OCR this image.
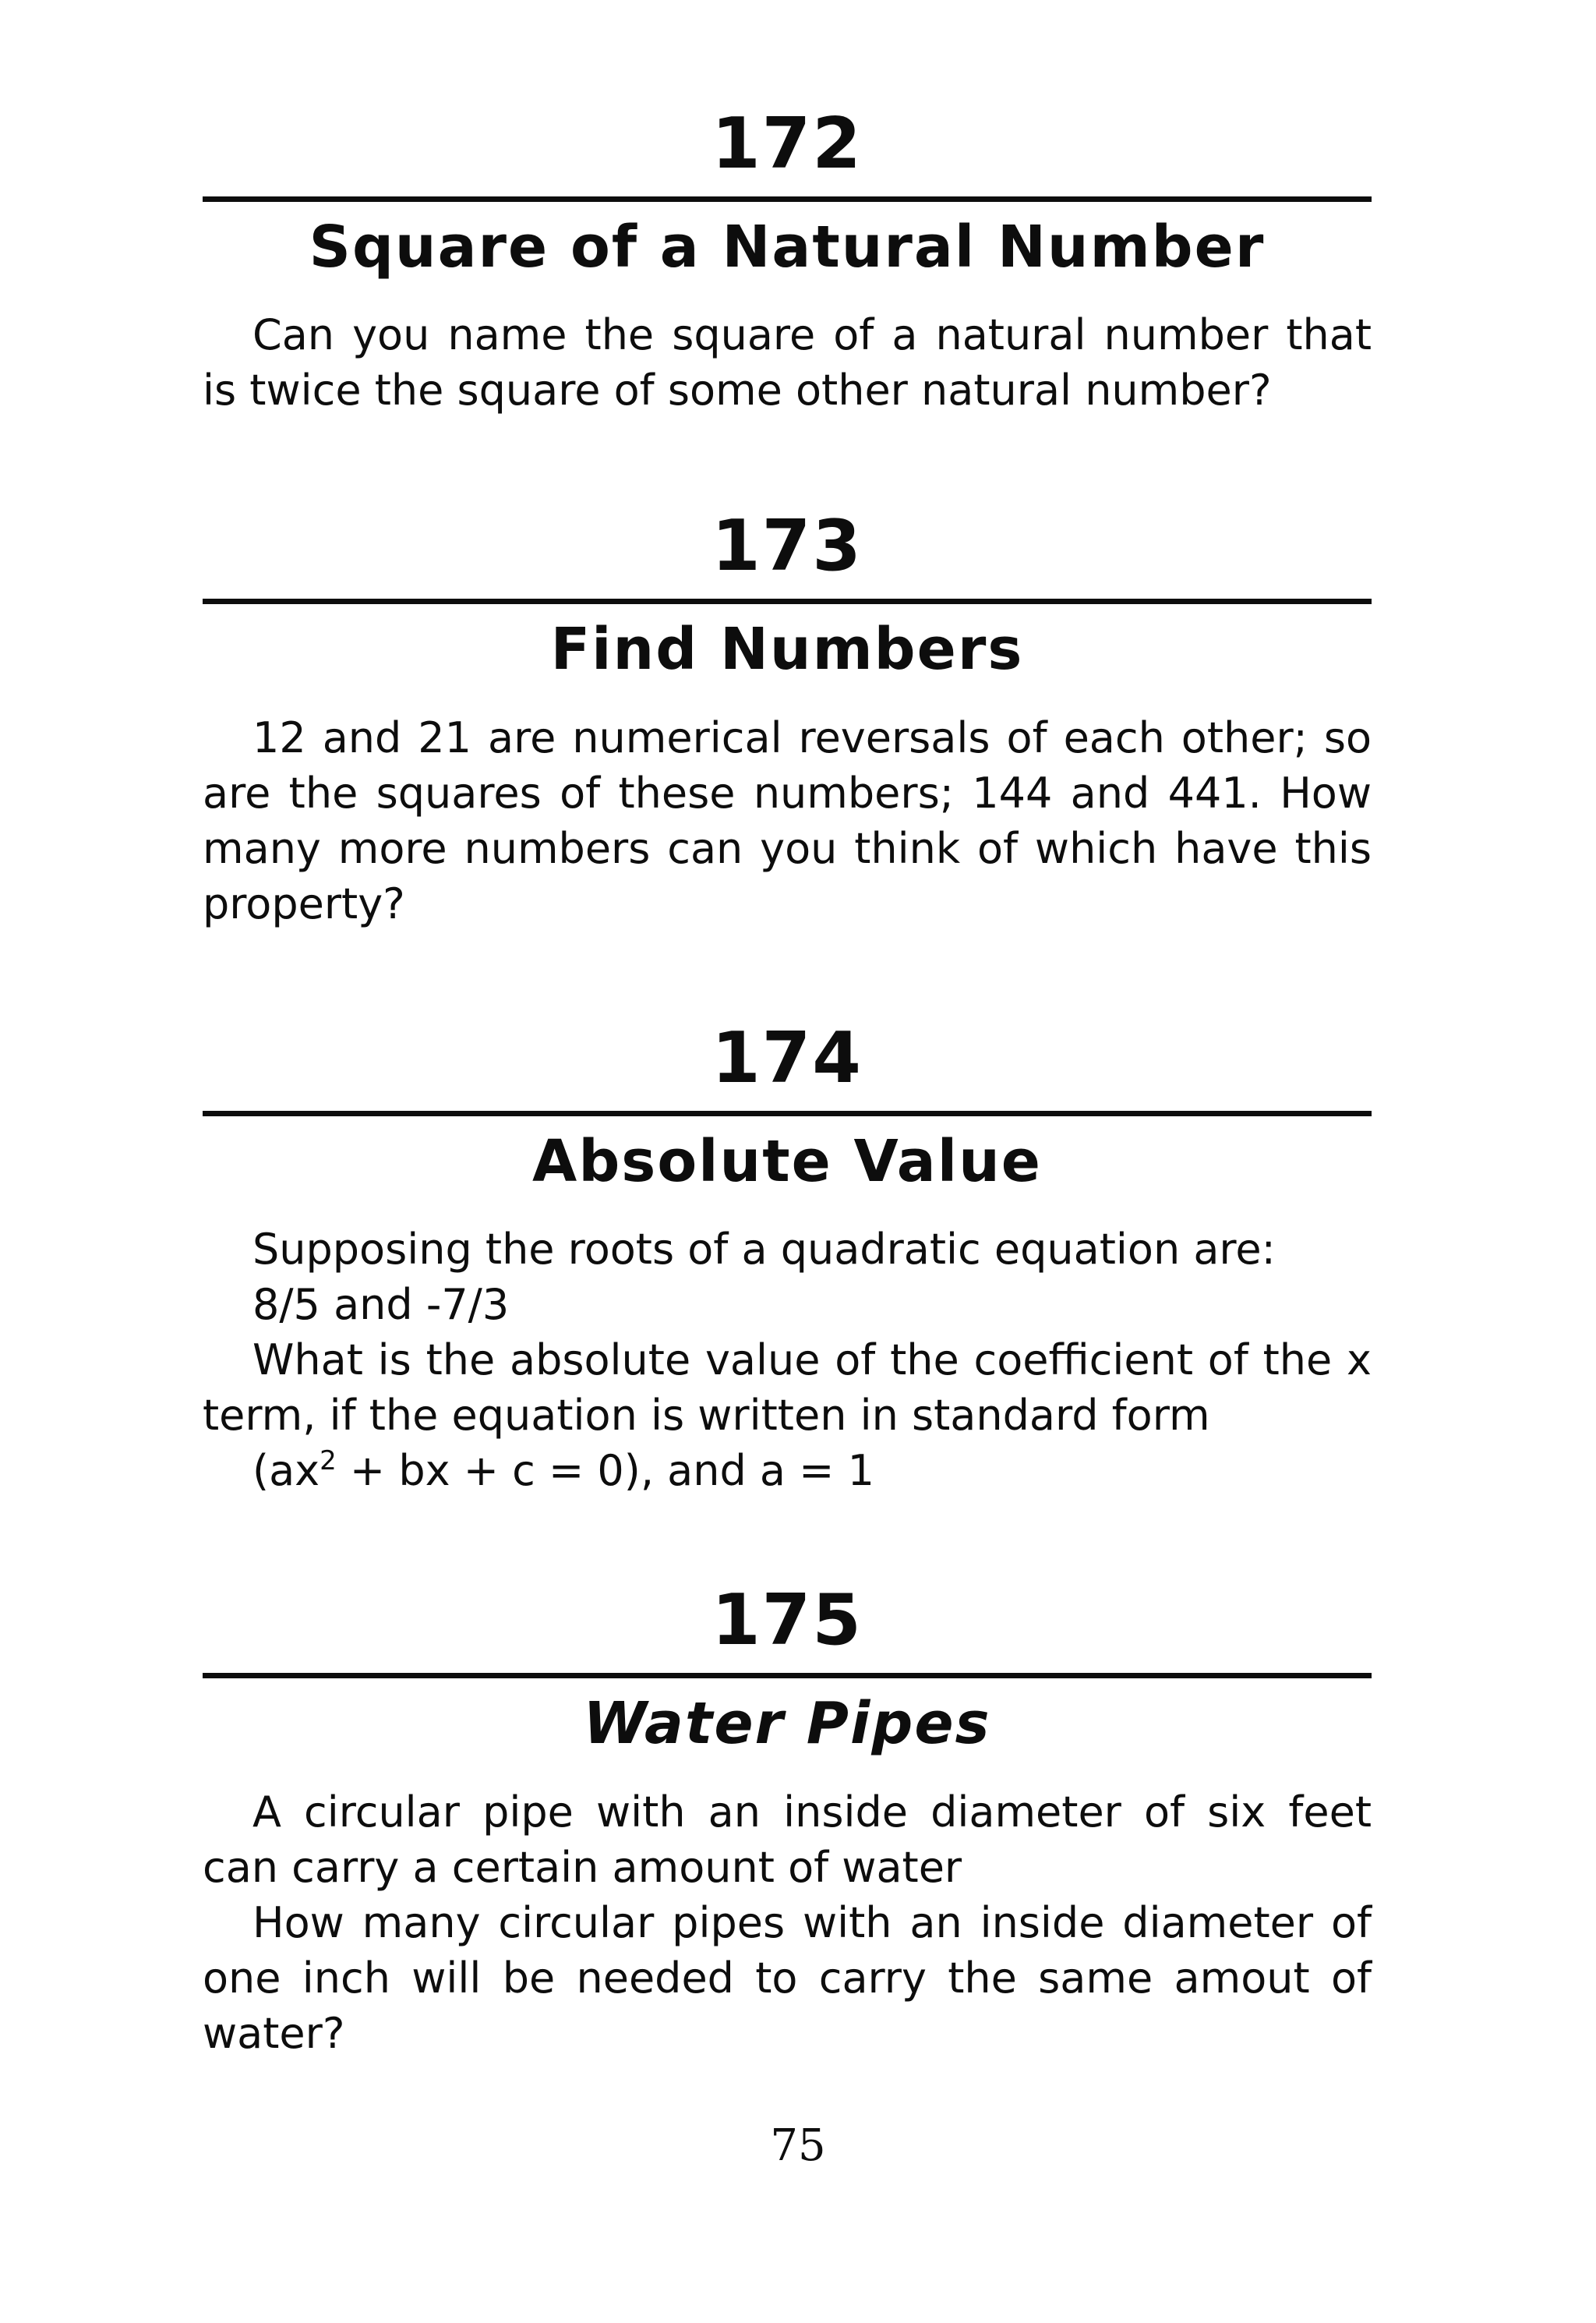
172
Square of a Natural Number

Can you name the square of a natural number that is twice the square of some other natural number?

173
Find Numbers

12 and 21 are numerical reversals of each other; so are the squares of these numbers; 144 and 441. How many more numbers can you think of which have this property?

174
Absolute Value

Supposing the roots of a quadratic equation are:

8/5 and -7/3

What is the absolute value of the coefficient of the x term, if the equation is written in standard form

($ax^2$ + bx + c = 0), and a = 1

175
Water Pipes

A circular pipe with an inside diameter of six feet can carry a certain amount of water

How many circular pipes with an inside diameter of one inch will be needed to carry the same amout of water?

75
